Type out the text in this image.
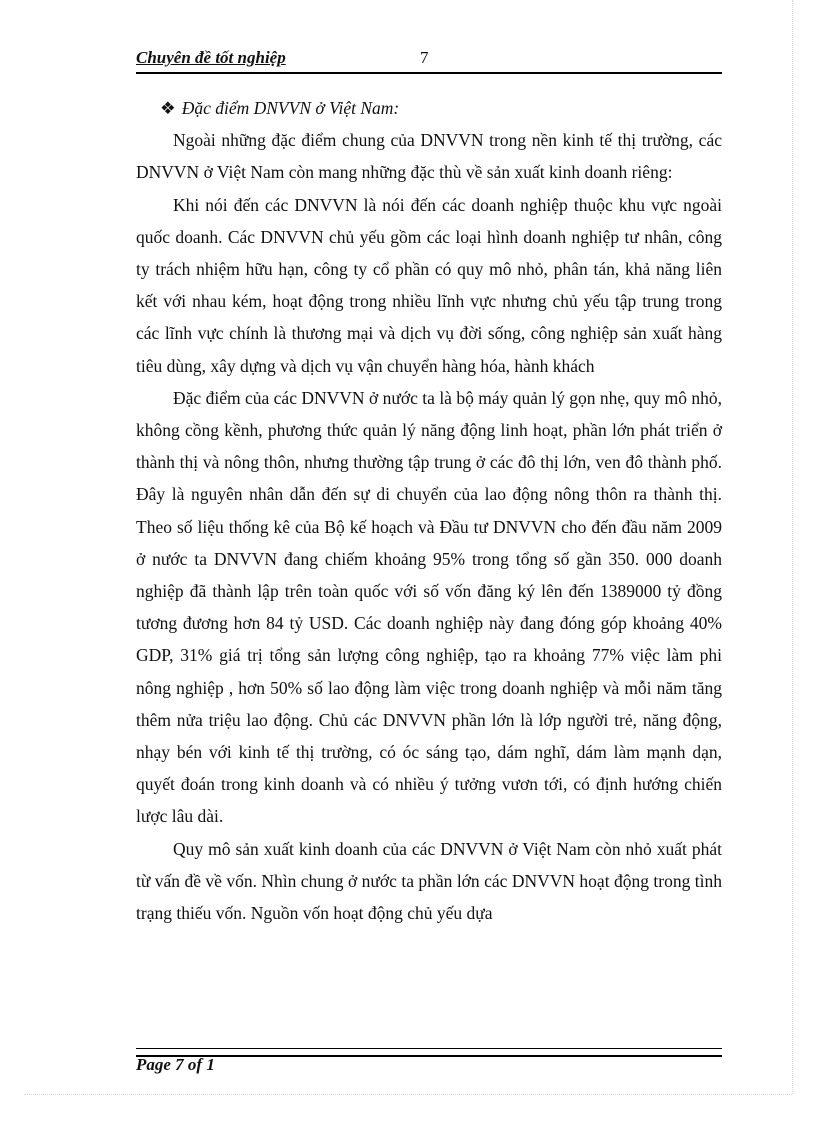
Chuyên đề tốt nghiệp	7

❖ Đặc điểm DNVVN ở Việt Nam:

Ngoài những đặc điểm chung của DNVVN trong nền kinh tế thị trường, các DNVVN ở Việt Nam còn mang những đặc thù về sản xuất kinh doanh riêng:

Khi nói đến các DNVVN là nói đến các doanh nghiệp thuộc khu vực ngoài quốc doanh. Các DNVVN chủ yếu gồm các loại hình doanh nghiệp tư nhân, công ty trách nhiệm hữu hạn, công ty cổ phần có quy mô nhỏ, phân tán, khả năng liên kết với nhau kém, hoạt động trong nhiều lĩnh vực nhưng chủ yếu tập trung trong các lĩnh vực chính là thương mại và dịch vụ đời sống, công nghiệp sản xuất hàng tiêu dùng, xây dựng và dịch vụ vận chuyển hàng hóa, hành khách

Đặc điểm của các DNVVN ở nước ta là bộ máy quản lý gọn nhẹ, quy mô nhỏ, không cồng kềnh, phương thức quản lý năng động linh hoạt, phần lớn phát triển ở thành thị và nông thôn, nhưng thường tập trung ở các đô thị lớn, ven đô thành phố. Đây là nguyên nhân dẫn đến sự di chuyển của lao động nông thôn ra thành thị. Theo số liệu thống kê của Bộ kế hoạch và Đầu tư DNVVN cho đến đầu năm 2009 ở nước ta DNVVN đang chiếm khoảng 95% trong tổng số gần 350. 000 doanh nghiệp đã thành lập trên toàn quốc với số vốn đăng ký lên đến 1389000 tỷ đồng tương đương hơn 84 tỷ USD. Các doanh nghiệp này đang đóng góp khoảng 40% GDP, 31% giá trị tổng sản lượng công nghiệp, tạo ra khoảng 77% việc làm phi nông nghiệp , hơn 50% số lao động làm việc trong doanh nghiệp và mỗi năm tăng thêm nửa triệu lao động. Chủ các DNVVN phần lớn là lớp người trẻ, năng động, nhạy bén với kinh tế thị trường, có óc sáng tạo, dám nghĩ, dám làm mạnh dạn, quyết đoán trong kinh doanh và có nhiều ý tưởng vươn tới, có định hướng chiến lược lâu dài.

Quy mô sản xuất kinh doanh của các DNVVN ở Việt Nam còn nhỏ xuất phát từ vấn đề về vốn. Nhìn chung ở nước ta phần lớn các DNVVN hoạt động trong tình trạng thiếu vốn. Nguồn vốn hoạt động chủ yếu dựa

Page 7 of 1
